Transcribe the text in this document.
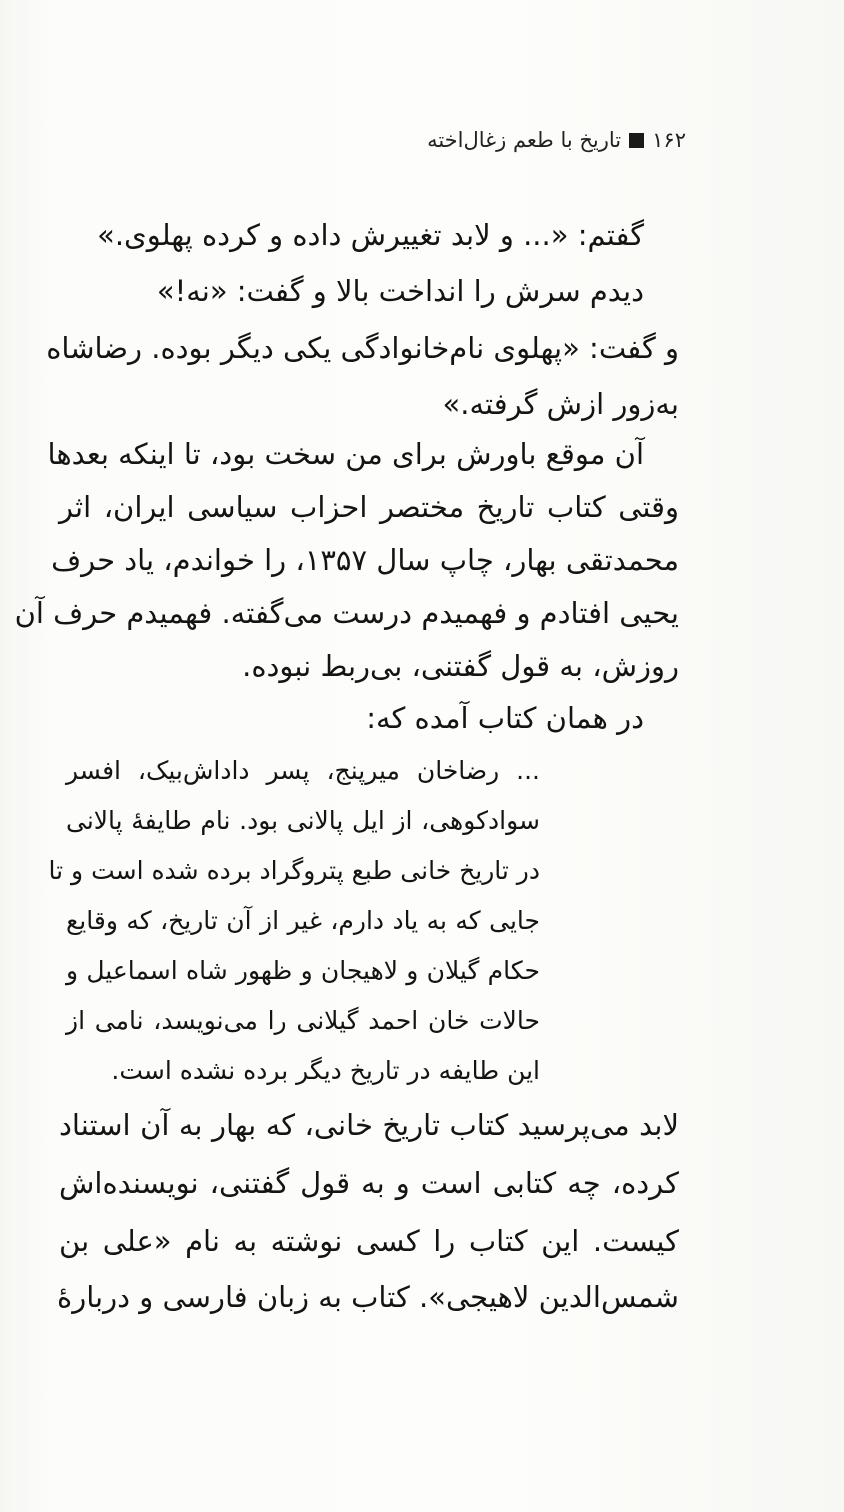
۱۶۲
تاریخ با طعم زغال‌اخته
گفتم: «... و لابد تغییرش داده و کرده پهلوی.»
دیدم سرش را انداخت بالا و گفت: «نه!»
و گفت: «پهلوی نام‌خانوادگی یکی دیگر بوده. رضاشاه
به‌زور ازش گرفته.»
آن موقع باورش برای من سخت بود، تا اینکه بعدها
وقتی کتاب تاریخ مختصر احزاب سیاسی ایران، اثر
محمدتقی بهار، چاپ سال ۱۳۵۷، را خواندم، یاد حرف
یحیی افتادم و فهمیدم درست می‌گفته. فهمیدم حرف آن
روزش، به قول گفتنی، بی‌ربط نبوده.
در همان کتاب آمده که:
... رضاخان میرپنج، پسر داداش‌بیک، افسر
سوادکوهی، از ایل پالانی بود. نام طایفهٔ پالانی
در تاریخ خانی طبع پتروگراد برده شده است و تا
جایی که به یاد دارم، غیر از آن تاریخ، که وقایع
حکام گیلان و لاهیجان و ظهور شاه اسماعیل و
حالات خان احمد گیلانی را می‌نویسد، نامی از
این طایفه در تاریخ دیگر برده نشده است.
لابد می‌پرسید کتاب تاریخ خانی، که بهار به آن استناد
کرده، چه کتابی است و به قول گفتنی، نویسنده‌اش
کیست. این کتاب را کسی نوشته به نام «علی بن
شمس‌الدین لاهیجی». کتاب به زبان فارسی و دربارهٔ
